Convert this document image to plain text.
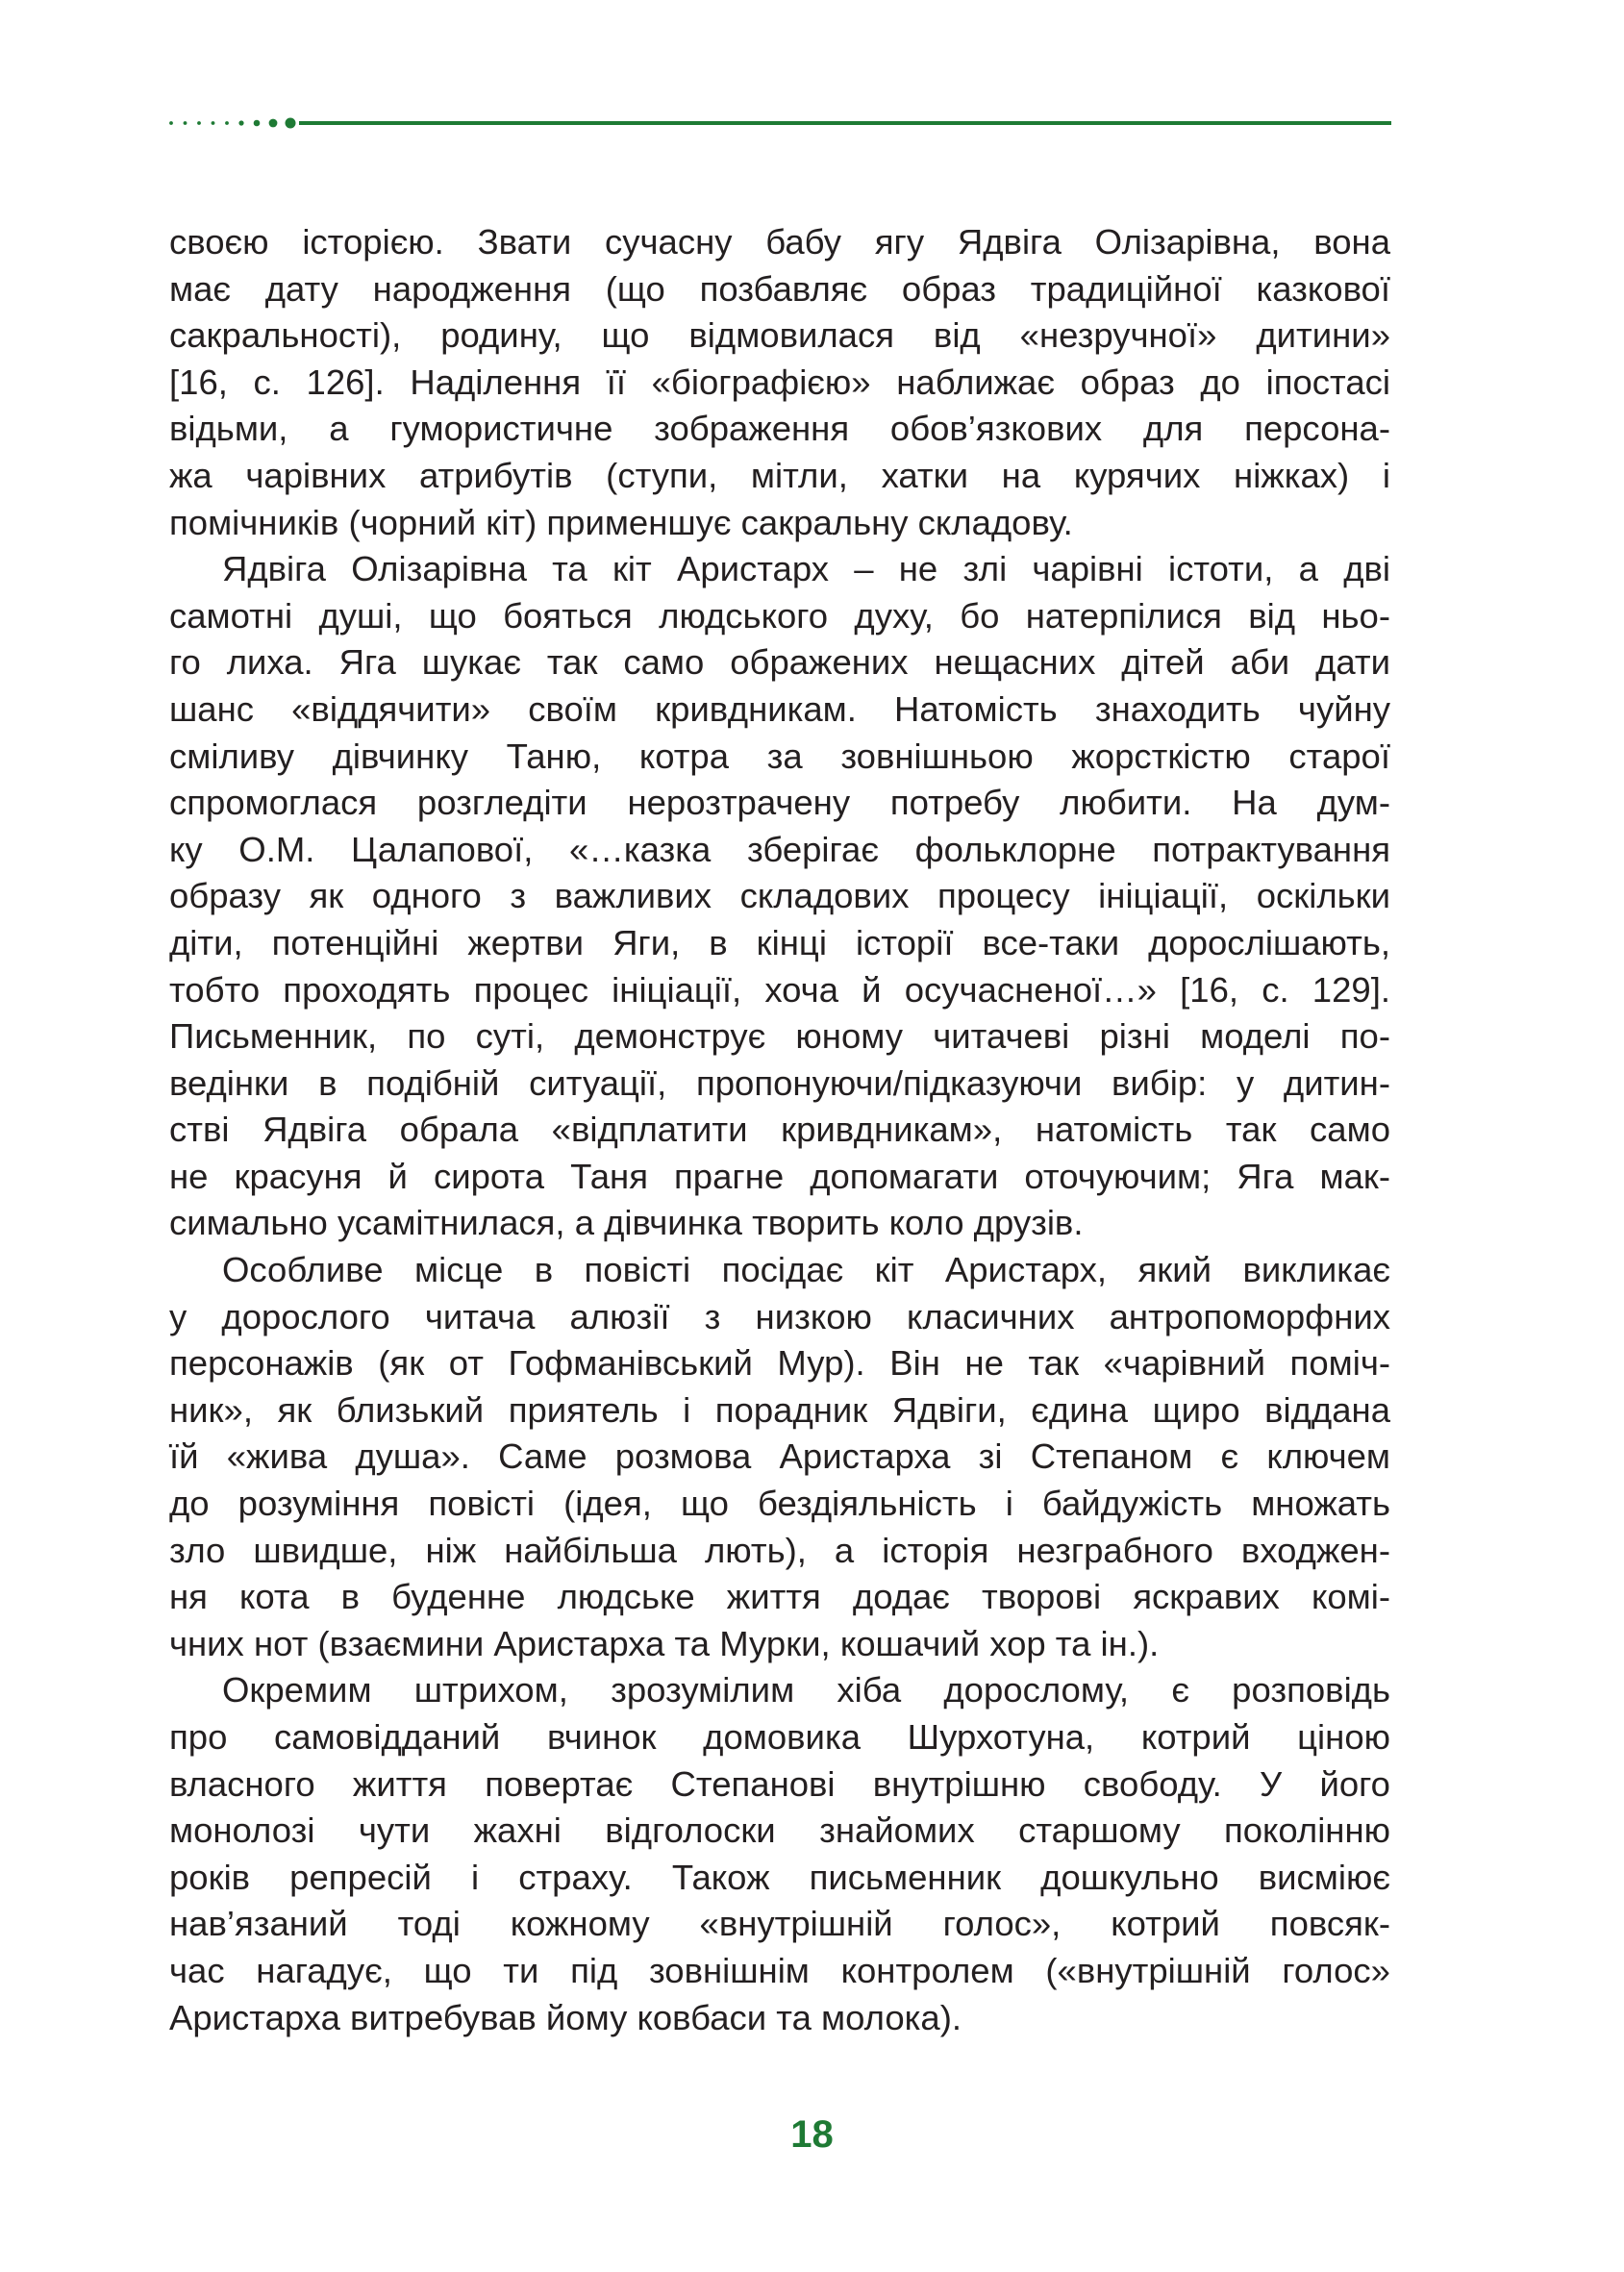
своєю історією. Звати сучасну бабу ягу Ядвіга Олізарівна, вона
має дату народження (що позбавляє образ традиційної казкової
сакральності), родину, що відмовилася від «незручної» дитини»
[16, с. 126]. Наділення її «біографією» наближає образ до іпостасі
відьми, а гумористичне зображення обов’язкових для персона-
жа чарівних атрибутів (ступи, мітли, хатки на курячих ніжках) і
помічників (чорний кіт) применшує сакральну складову.
Ядвіга Олізарівна та кіт Аристарх – не злі чарівні істоти, а дві
самотні душі, що бояться людського духу, бо натерпілися від ньо-
го лиха. Яга шукає так само ображених нещасних дітей аби дати
шанс «віддячити» своїм кривдникам. Натомість знаходить чуйну
сміливу дівчинку Таню, котра за зовнішньою жорсткістю старої
спромоглася розгледіти нерозтрачену потребу любити. На дум-
ку О.М. Цалапової, «…казка зберігає фольклорне потрактування
образу як одного з важливих складових процесу ініціації, оскільки
діти, потенційні жертви Яги, в кінці історії все-таки дорослішають,
тобто проходять процес ініціації, хоча й осучасненої…» [16, с. 129].
Письменник, по суті, демонструє юному читачеві різні моделі по-
ведінки в подібній ситуації, пропонуючи/підказуючи вибір: у дитин-
стві Ядвіга обрала «відплатити кривдникам», натомість так само
не красуня й сирота Таня прагне допомагати оточуючим; Яга мак-
симально усамітнилася, а дівчинка творить коло друзів.
Особливе місце в повісті посідає кіт Аристарх, який викликає
у дорослого читача алюзії з низкою класичних антропоморфних
персонажів (як от Гофманівський Мур). Він не так «чарівний поміч-
ник», як близький приятель і порадник Ядвіги, єдина щиро віддана
їй «жива душа». Саме розмова Аристарха зі Степаном є ключем
до розуміння повісті (ідея, що бездіяльність і байдужість множать
зло швидше, ніж найбільша лють), а історія незграбного входжен-
ня кота в буденне людське життя додає творові яскравих комі-
чних нот (взаємини Аристарха та Мурки, кошачий хор та ін.).
Окремим штрихом, зрозумілим хіба дорослому, є розповідь
про самовідданий вчинок домовика Шурхотуна, котрий ціною
власного життя повертає Степанові внутрішню свободу. У його
монолозі чути жахні відголоски знайомих старшому поколінню
років репресій і страху. Також письменник дошкульно висміює
нав’язаний тоді кожному «внутрішній голос», котрий повсяк-
час нагадує, що ти під зовнішнім контролем («внутрішній голос»
Аристарха витребував йому ковбаси та молока).
18
